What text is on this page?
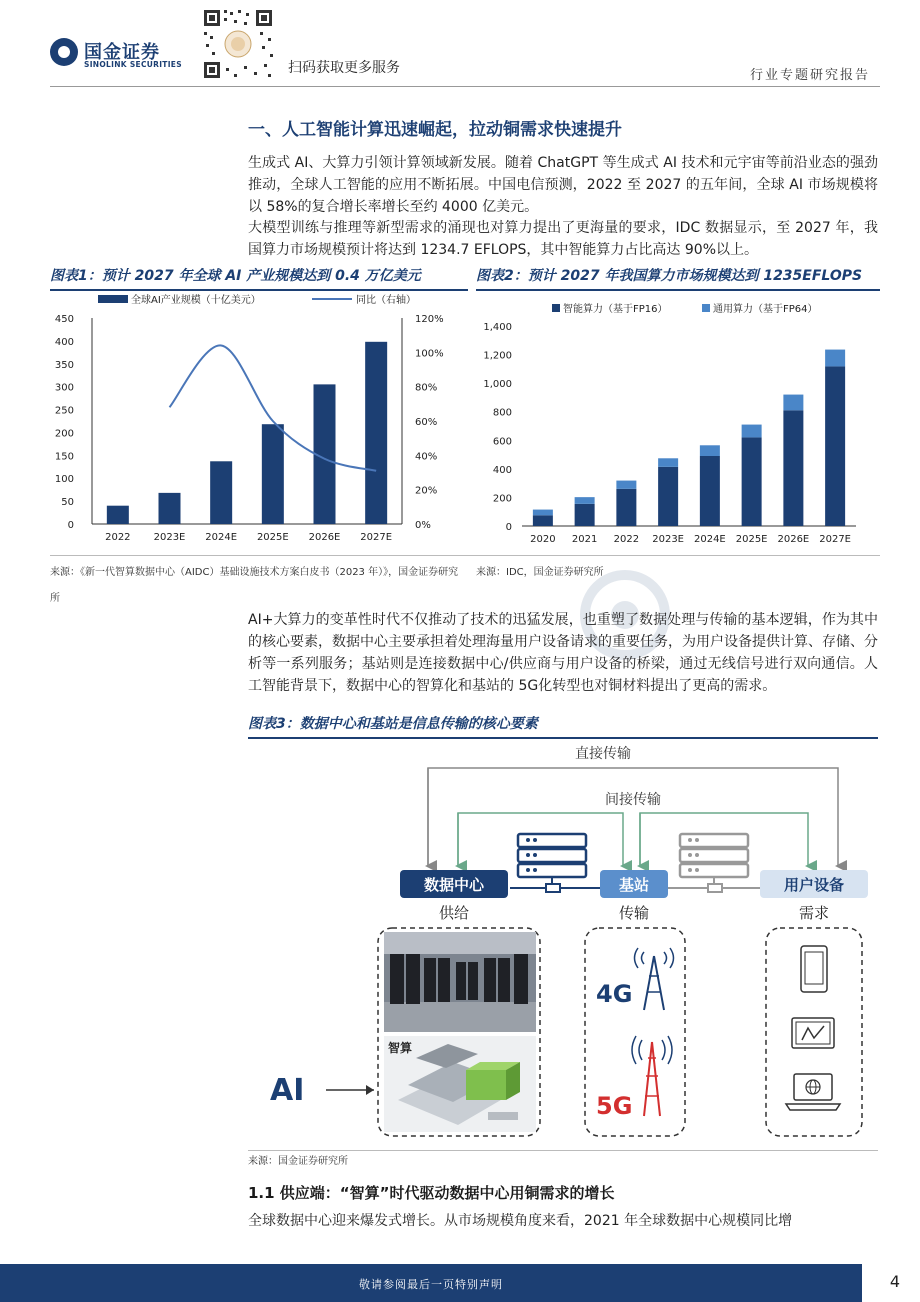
国金证券
SINOLINK SECURITIES	扫码获取更多服务	行业专题研究报告
一、人工智能计算迅速崛起，拉动铜需求快速提升
生成式 AI、大算力引领计算领域新发展。随着 ChatGPT 等生成式 AI 技术和元宇宙等前沿业态的强劲推动，全球人工智能的应用不断拓展。中国电信预测，2022 至 2027 的五年间，全球 AI 市场规模将以 58%的复合增长率增长至约 4000 亿美元。
大模型训练与推理等新型需求的涌现也对算力提出了更海量的要求，IDC 数据显示，至 2027 年，我国算力市场规模预计将达到 1234.7 EFLOPS，其中智能算力占比高达 90%以上。
图表1：预计 2027 年全球 AI 产业规模达到 0.4 万亿美元	图表2：预计 2027 年我国算力市场规模达到 1235EFLOPS
全球AI产业规模（十亿美元）	同比（右轴）
0
50
100
150
200
250
300
350
400
450
0%
20%
40%
60%
80%
100%
120%
2022 2023E 2024E 2025E 2026E 2027E
智能算力（基于FP16）	通用算力（基于FP64）
0
200
400
600
800
1,000
1,200
1,400
2020 2021 2022 2023E 2024E 2025E 2026E 2027E
来源：《新一代智算数据中心（AIDC）基础设施技术方案白皮书（2023 年）》，国金证券研究所
来源：IDC，国金证券研究所
AI+大算力的变革性时代不仅推动了技术的迅猛发展，也重塑了数据处理与传输的基本逻辑，作为其中的核心要素，数据中心主要承担着处理海量用户设备请求的重要任务，为用户设备提供计算、存储、分析等一系列服务；基站则是连接数据中心/供应商与用户设备的桥梁，通过无线信号进行双向通信。人工智能背景下，数据中心的智算化和基站的 5G化转型也对铜材料提出了更高的需求。
图表3：数据中心和基站是信息传输的核心要素
直接传输
间接传输
数据中心	基站	用户设备
供给	传输	需求
智算
AI
4G
5G
来源：国金证券研究所
1.1 供应端：“智算”时代驱动数据中心用铜需求的增长
全球数据中心迎来爆发式增长。从市场规模角度来看，2021 年全球数据中心规模同比增
敬请参阅最后一页特别声明	4
